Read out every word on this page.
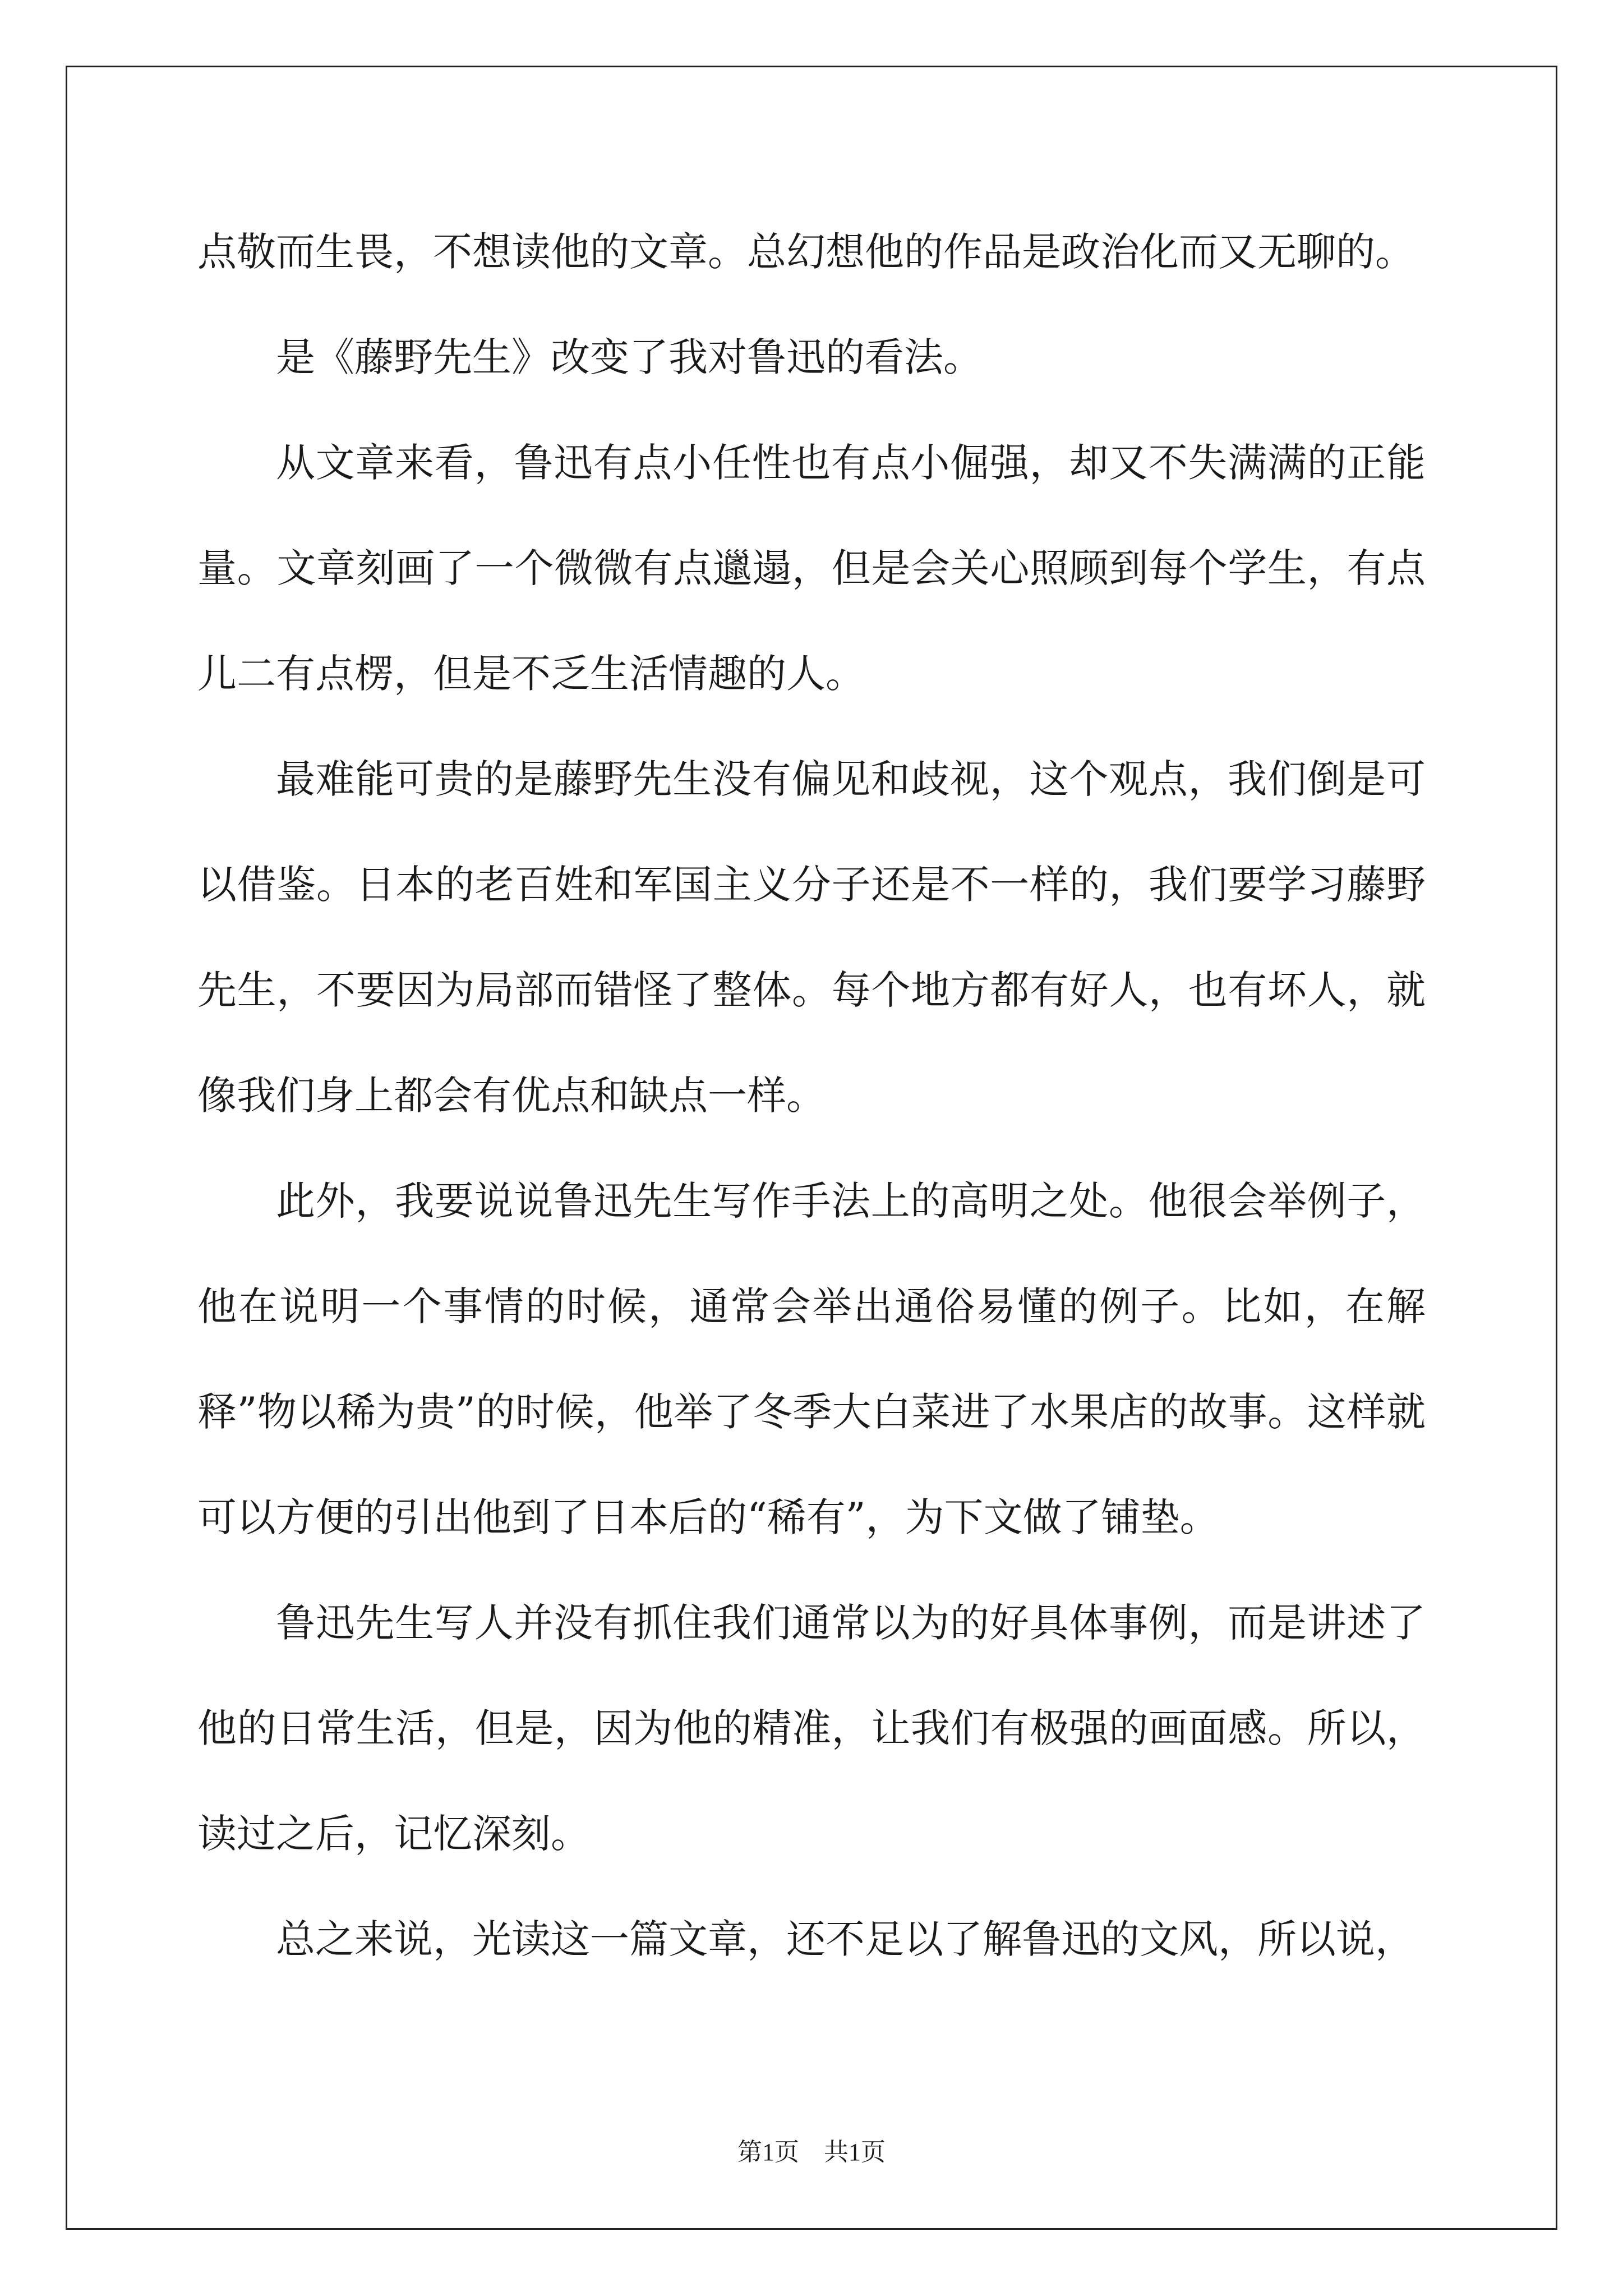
点敬而生畏，不想读他的文章。总幻想他的作品是政治化而又无聊的。

是《藤野先生》改变了我对鲁迅的看法。

从文章来看，鲁迅有点小任性也有点小倔强，却又不失满满的正能量。文章刻画了一个微微有点邋遢，但是会关心照顾到每个学生，有点儿二有点楞，但是不乏生活情趣的人。

最难能可贵的是藤野先生没有偏见和歧视，这个观点，我们倒是可以借鉴。日本的老百姓和军国主义分子还是不一样的，我们要学习藤野先生，不要因为局部而错怪了整体。每个地方都有好人，也有坏人，就像我们身上都会有优点和缺点一样。

此外，我要说说鲁迅先生写作手法上的高明之处。他很会举例子，他在说明一个事情的时候，通常会举出通俗易懂的例子。比如，在解释”物以稀为贵”的时候，他举了冬季大白菜进了水果店的故事。这样就可以方便的引出他到了日本后的“稀有”，为下文做了铺垫。

鲁迅先生写人并没有抓住我们通常以为的好具体事例，而是讲述了他的日常生活，但是，因为他的精准，让我们有极强的画面感。所以，读过之后，记忆深刻。

总之来说，光读这一篇文章，还不足以了解鲁迅的文风，所以说，

第1页　共1页
